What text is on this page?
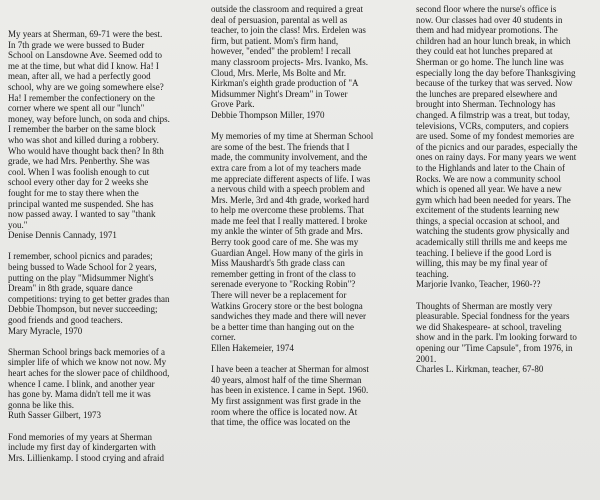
My years at Sherman, 69-71 were the best.
In 7th grade we were bussed to Buder
School on Lansdowne Ave. Seemed odd to
me at the time, but what did I know. Ha! I
mean, after all, we had a perfectly good
school, why are we going somewhere else?
Ha! I remember the confectionery on the
corner where we spent all our "lunch"
money, way before lunch, on soda and chips.
I remember the barber on the same block
who was shot and killed during a robbery.
Who would have thought back then? In 8th
grade, we had Mrs. Penberthy. She was
cool. When I was foolish enough to cut
school every other day for 2 weeks she
fought for me to stay there when the
principal wanted me suspended. She has
now passed away. I wanted to say "thank
you."
Denise Dennis Cannady, 1971

I remember, school picnics and parades;
being bussed to Wade School for 2 years,
putting on the play "Midsummer Night's
Dream" in 8th grade, square dance
competitions: trying to get better grades than
Debbie Thompson, but never succeeding;
good friends and good teachers.
Mary Myracle, 1970

Sherman School brings back memories of a
simpler life of which we know not now. My
heart aches for the slower pace of childhood,
whence I came. I blink, and another year
has gone by. Mama didn't tell me it was
gonna be like this.
Ruth Sasser Gilbert, 1973

Fond memories of my years at Sherman
include my first day of kindergarten with
Mrs. Lillienkamp. I stood crying and afraid

outside the classroom and required a great
deal of persuasion, parental as well as
teacher, to join the class! Mrs. Erdelen was
firm, but patient. Mom's firm hand,
however, "ended" the problem! I recall
many classroom projects- Mrs. Ivanko, Ms.
Cloud, Mrs. Merle, Ms Bolte and Mr.
Kirkman's eighth grade production of "A
Midsummer Night's Dream" in Tower
Grove Park.
Debbie Thompson Miller, 1970

My memories of my time at Sherman School
are some of the best. The friends that I
made, the community involvement, and the
extra care from a lot of my teachers made
me appreciate different aspects of life. I was
a nervous child with a speech problem and
Mrs. Merle, 3rd and 4th grade, worked hard
to help me overcome these problems. That
made me feel that I really mattered. I broke
my ankle the winter of 5th grade and Mrs.
Berry took good care of me. She was my
Guardian Angel. How many of the girls in
Miss Maushardt's 5th grade class can
remember getting in front of the class to
serenade everyone to "Rocking Robin"?
There will never be a replacement for
Watkins Grocery store or the best bologna
sandwiches they made and there will never
be a better time than hanging out on the
corner.
Ellen Hakemeier, 1974

I have been a teacher at Sherman for almost
40 years, almost half of the time Sherman
has been in existence. I came in Sept. 1960.
My first assignment was first grade in the
room where the office is located now. At
that time, the office was located on the

second floor where the nurse's office is
now. Our classes had over 40 students in
them and had midyear promotions. The
children had an hour lunch break, in which
they could eat hot lunches prepared at
Sherman or go home. The lunch line was
especially long the day before Thanksgiving
because of the turkey that was served. Now
the lunches are prepared elsewhere and
brought into Sherman. Technology has
changed. A filmstrip was a treat, but today,
televisions, VCRs, computers, and copiers
are used. Some of my fondest memories are
of the picnics and our parades, especially the
ones on rainy days. For many years we went
to the Highlands and later to the Chain of
Rocks. We are now a community school
which is opened all year. We have a new
gym which had been needed for years. The
excitement of the students learning new
things, a special occasion at school, and
watching the students grow physically and
academically still thrills me and keeps me
teaching. I believe if the good Lord is
willing, this may be my final year of
teaching.
Marjorie Ivanko, Teacher, 1960-??

Thoughts of Sherman are mostly very
pleasurable. Special fondness for the years
we did Shakespeare- at school, traveling
show and in the park. I'm looking forward to
opening our "Time Capsule", from 1976, in
2001.
Charles L. Kirkman, teacher, 67-80
